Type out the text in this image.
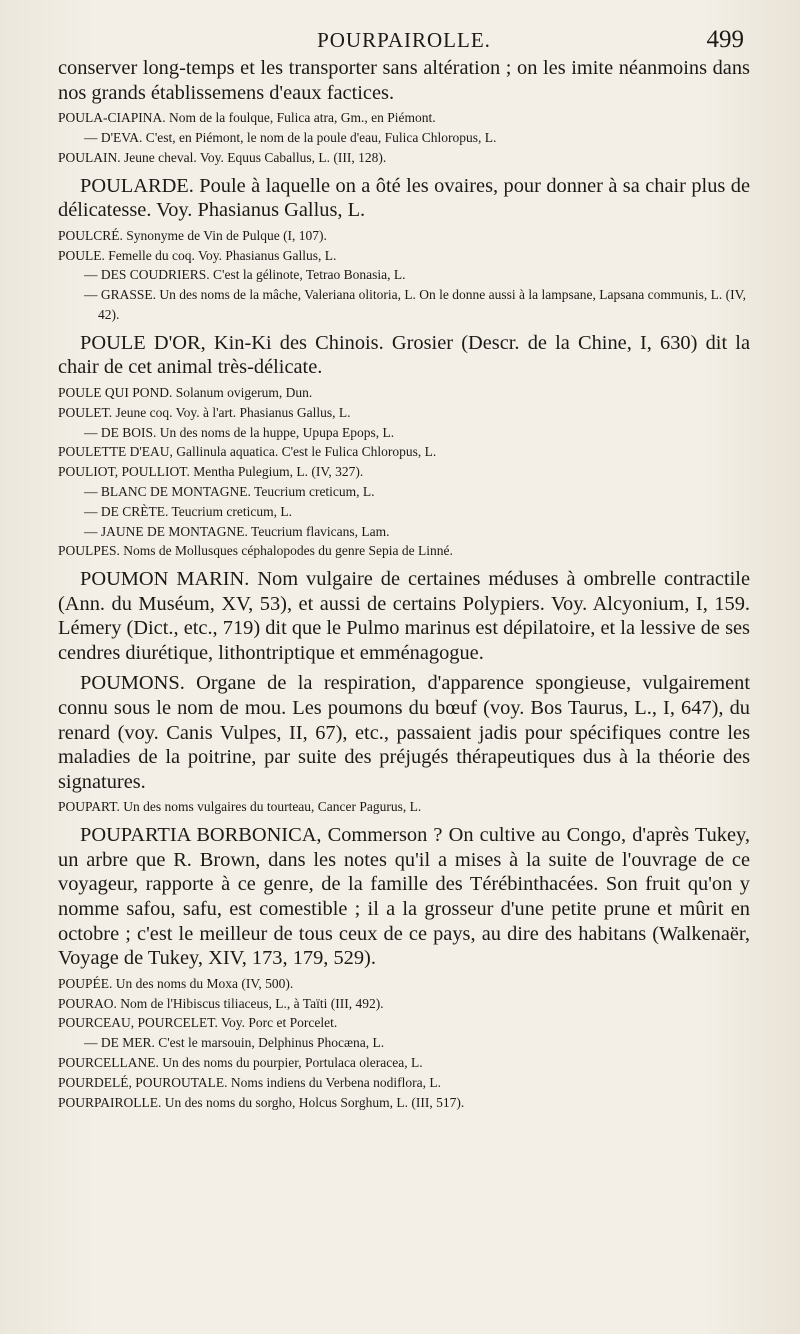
POURPAIROLLE.	499

conserver long-temps et les transporter sans altération ; on les imite néanmoins dans nos grands établissemens d'eaux factices.

POULA-CIAPINA. Nom de la foulque, Fulica atra, Gm., en Piémont.

— D'EVA. C'est, en Piémont, le nom de la poule d'eau, Fulica Chloropus, L.

POULAIN. Jeune cheval. Voy. Equus Caballus, L. (III, 128).

POULARDE. Poule à laquelle on a ôté les ovaires, pour donner à sa chair plus de délicatesse. Voy. Phasianus Gallus, L.

POULCRÉ. Synonyme de Vin de Pulque (I, 107).

POULE. Femelle du coq. Voy. Phasianus Gallus, L.

— DES COUDRIERS. C'est la gélinote, Tetrao Bonasia, L.

— GRASSE. Un des noms de la mâche, Valeriana olitoria, L. On le donne aussi à la lampsane, Lapsana communis, L. (IV, 42).

POULE D'OR, Kin-Ki des Chinois. Grosier (Descr. de la Chine, I, 630) dit la chair de cet animal très-délicate.

POULE QUI POND. Solanum ovigerum, Dun.

POULET. Jeune coq. Voy. à l'art. Phasianus Gallus, L.

— DE BOIS. Un des noms de la huppe, Upupa Epops, L.

POULETTE D'EAU, Gallinula aquatica. C'est le Fulica Chloropus, L.

POULIOT, POULLIOT. Mentha Pulegium, L. (IV, 327).

— BLANC DE MONTAGNE. Teucrium creticum, L.

— DE CRÈTE. Teucrium creticum, L.

— JAUNE DE MONTAGNE. Teucrium flavicans, Lam.

POULPES. Noms de Mollusques céphalopodes du genre Sepia de Linné.

POUMON MARIN. Nom vulgaire de certaines méduses à ombrelle contractile (Ann. du Muséum, XV, 53), et aussi de certains Polypiers. Voy. Alcyonium, I, 159. Lémery (Dict., etc., 719) dit que le Pulmo marinus est dépilatoire, et la lessive de ses cendres diurétique, lithontriptique et emménagogue.

POUMONS. Organe de la respiration, d'apparence spongieuse, vulgairement connu sous le nom de mou. Les poumons du bœuf (voy. Bos Taurus, L., I, 647), du renard (voy. Canis Vulpes, II, 67), etc., passaient jadis pour spécifiques contre les maladies de la poitrine, par suite des préjugés thérapeutiques dus à la théorie des signatures.

POUPART. Un des noms vulgaires du tourteau, Cancer Pagurus, L.

POUPARTIA BORBONICA, Commerson ? On cultive au Congo, d'après Tukey, un arbre que R. Brown, dans les notes qu'il a mises à la suite de l'ouvrage de ce voyageur, rapporte à ce genre, de la famille des Térébinthacées. Son fruit qu'on y nomme safou, safu, est comestible ; il a la grosseur d'une petite prune et mûrit en octobre ; c'est le meilleur de tous ceux de ce pays, au dire des habitans (Walkenaër, Voyage de Tukey, XIV, 173, 179, 529).

POUPÉE. Un des noms du Moxa (IV, 500).

POURAO. Nom de l'Hibiscus tiliaceus, L., à Taïti (III, 492).

POURCEAU, POURCELET. Voy. Porc et Porcelet.

— DE MER. C'est le marsouin, Delphinus Phocæna, L.

POURCELLANE. Un des noms du pourpier, Portulaca oleracea, L.

POURDELÉ, POUROUTALE. Noms indiens du Verbena nodiflora, L.

POURPAIROLLE. Un des noms du sorgho, Holcus Sorghum, L. (III, 517).
